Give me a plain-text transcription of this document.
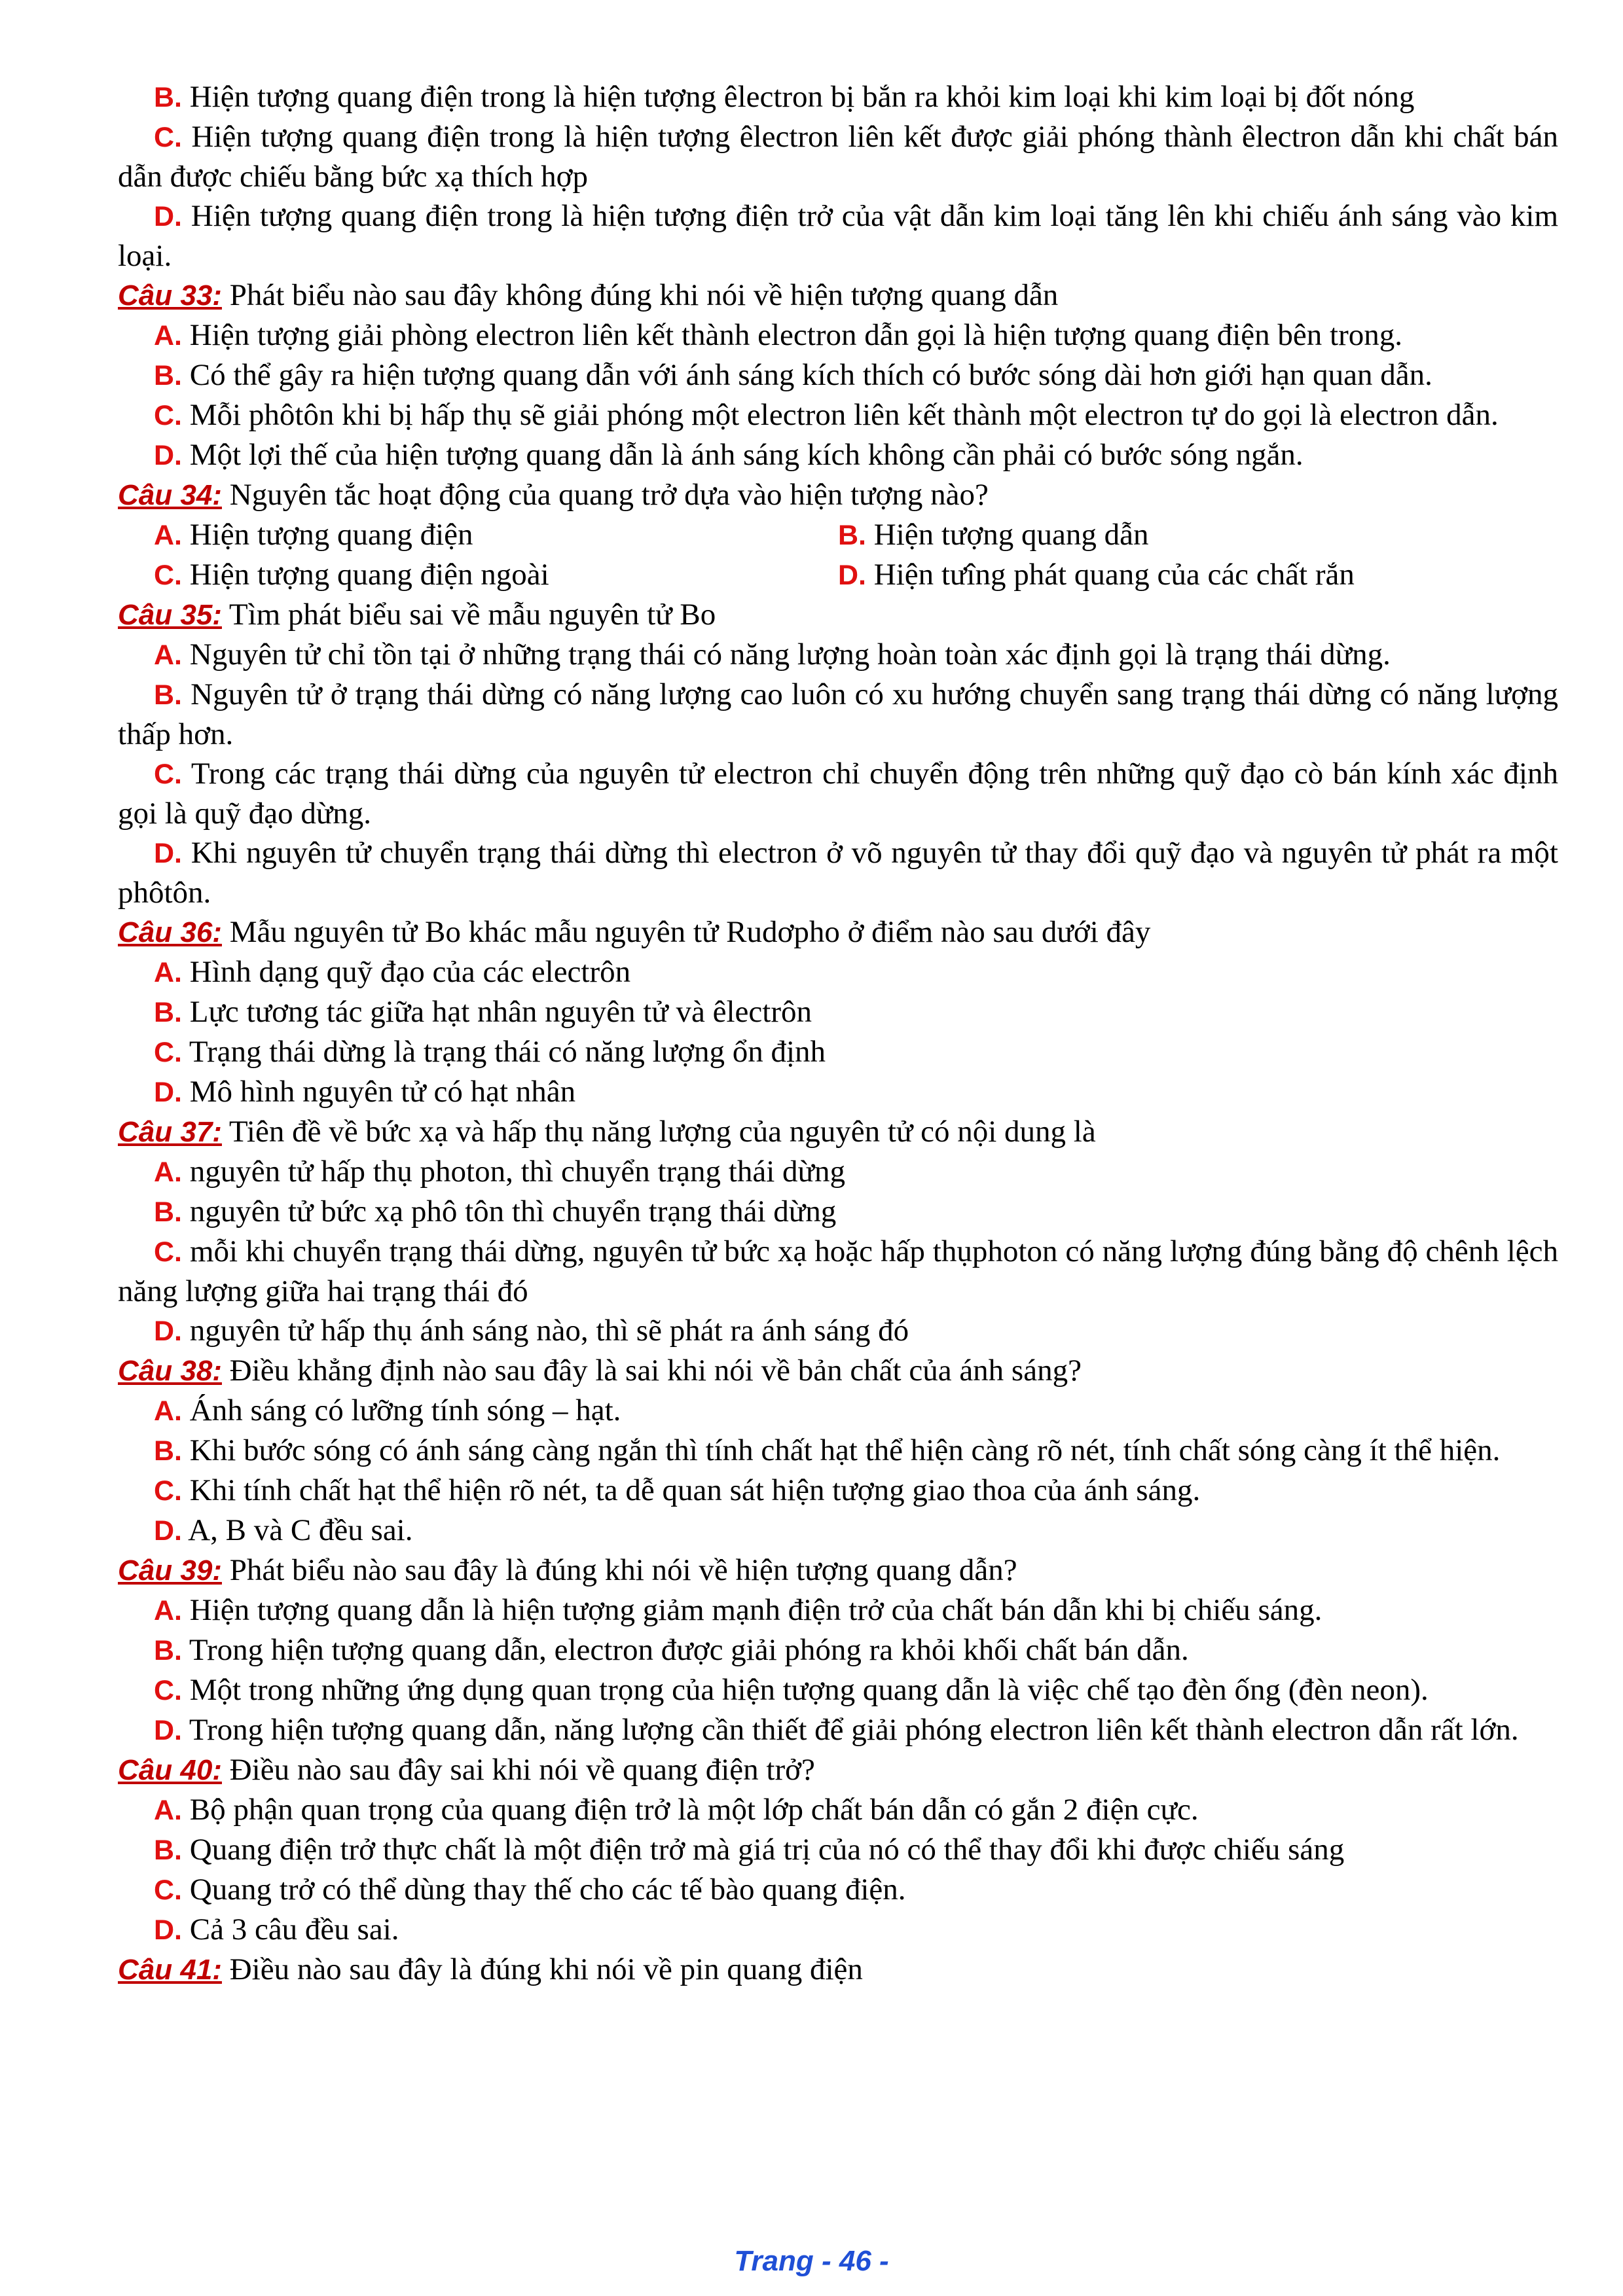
B. Hiện tượng quang điện trong là hiện tượng êlectron bị bắn ra khỏi kim loại khi kim loại bị đốt nóng

C. Hiện tượng quang điện trong là hiện tượng êlectron liên kết được giải phóng thành êlectron dẫn khi chất bán dẫn được chiếu bằng bức xạ thích hợp

D. Hiện tượng quang điện trong là hiện tượng điện trở của vật dẫn kim loại tăng lên khi chiếu ánh sáng vào kim loại.

Câu 33: Phát biểu nào sau đây không đúng khi nói về hiện tượng quang dẫn

A. Hiện tượng giải phòng electron liên kết thành electron dẫn gọi là hiện tượng quang điện bên trong.

B. Có thể gây ra hiện tượng quang dẫn với ánh sáng kích thích có bước sóng dài hơn giới hạn quan dẫn.

C. Mỗi phôtôn khi bị hấp thụ sẽ giải phóng một electron liên kết thành một electron tự do gọi là electron dẫn.

D. Một lợi thế của hiện tượng quang dẫn là ánh sáng kích không cần phải có bước sóng ngắn.

Câu 34: Nguyên tắc hoạt động của quang trở dựa vào hiện tượng nào?

A. Hiện tượng quang điện	B. Hiện tượng quang dẫn
C. Hiện tượng quang điện ngoài	D. Hiện tưîng phát quang của các chất rắn

Câu 35: Tìm phát biểu sai về mẫu nguyên tử Bo

A. Nguyên tử chỉ tồn tại ở những trạng thái có năng lượng hoàn toàn xác định gọi là trạng thái dừng.

B. Nguyên tử ở trạng thái dừng có năng lượng cao luôn có xu hướng chuyển sang trạng thái dừng có năng lượng thấp hơn.

C. Trong các trạng thái dừng của nguyên tử electron chỉ chuyển động trên những quỹ đạo cò bán kính xác định gọi là quỹ đạo dừng.

D. Khi nguyên tử chuyển trạng thái dừng thì electron ở võ nguyên tử thay đổi quỹ đạo và nguyên tử phát ra một phôtôn.

Câu 36: Mẫu nguyên tử Bo khác mẫu nguyên tử Rudơpho ở điểm nào sau dưới đây

A. Hình dạng quỹ đạo của các electrôn

B. Lực tương tác giữa hạt nhân nguyên tử và êlectrôn

C. Trạng thái dừng là trạng thái có năng lượng ổn định

D. Mô hình nguyên tử có hạt nhân

Câu 37: Tiên đề về bức xạ và hấp thụ năng lượng của nguyên tử có nội dung là

A. nguyên tử hấp thụ photon, thì chuyển trạng thái dừng

B. nguyên tử bức xạ phô tôn thì chuyển trạng thái dừng

C. mỗi khi chuyển trạng thái dừng, nguyên tử bức xạ hoặc hấp thụphoton có năng lượng đúng bằng độ chênh lệch năng lượng giữa hai trạng thái đó

D. nguyên tử hấp thụ ánh sáng nào, thì sẽ phát ra ánh sáng đó

Câu 38: Điều khẳng định nào sau đây là sai khi nói về bản chất của ánh sáng?

A. Ánh sáng có lưỡng tính sóng – hạt.

B. Khi bước sóng có ánh sáng càng ngắn thì tính chất hạt thể hiện càng rõ nét, tính chất sóng càng ít thể hiện.

C. Khi tính chất hạt thể hiện rõ nét, ta dễ quan sát hiện tượng giao thoa của ánh sáng.

D. A, B và C đều sai.

Câu 39: Phát biểu nào sau đây là đúng khi nói về hiện tượng quang dẫn?

A. Hiện tượng quang dẫn là hiện tượng giảm mạnh điện trở của chất bán dẫn khi bị chiếu sáng.

B. Trong hiện tượng quang dẫn, electron được giải phóng ra khỏi khối chất bán dẫn.

C. Một trong những ứng dụng quan trọng của hiện tượng quang dẫn là việc chế tạo đèn ống (đèn neon).

D. Trong hiện tượng quang dẫn, năng lượng cần thiết để giải phóng electron liên kết thành electron dẫn rất lớn.

Câu 40: Điều nào sau đây sai khi nói về quang điện trở?

A. Bộ phận quan trọng của quang điện trở là một lớp chất bán dẫn có gắn 2 điện cực.

B. Quang điện trở thực chất là một điện trở mà giá trị của nó có thể thay đổi khi được chiếu sáng

C. Quang trở có thể dùng thay thế cho các tế bào quang điện.

D. Cả 3 câu đều sai.

Câu 41: Điều nào sau đây là đúng khi nói về pin quang điện

Trang - 46 -
